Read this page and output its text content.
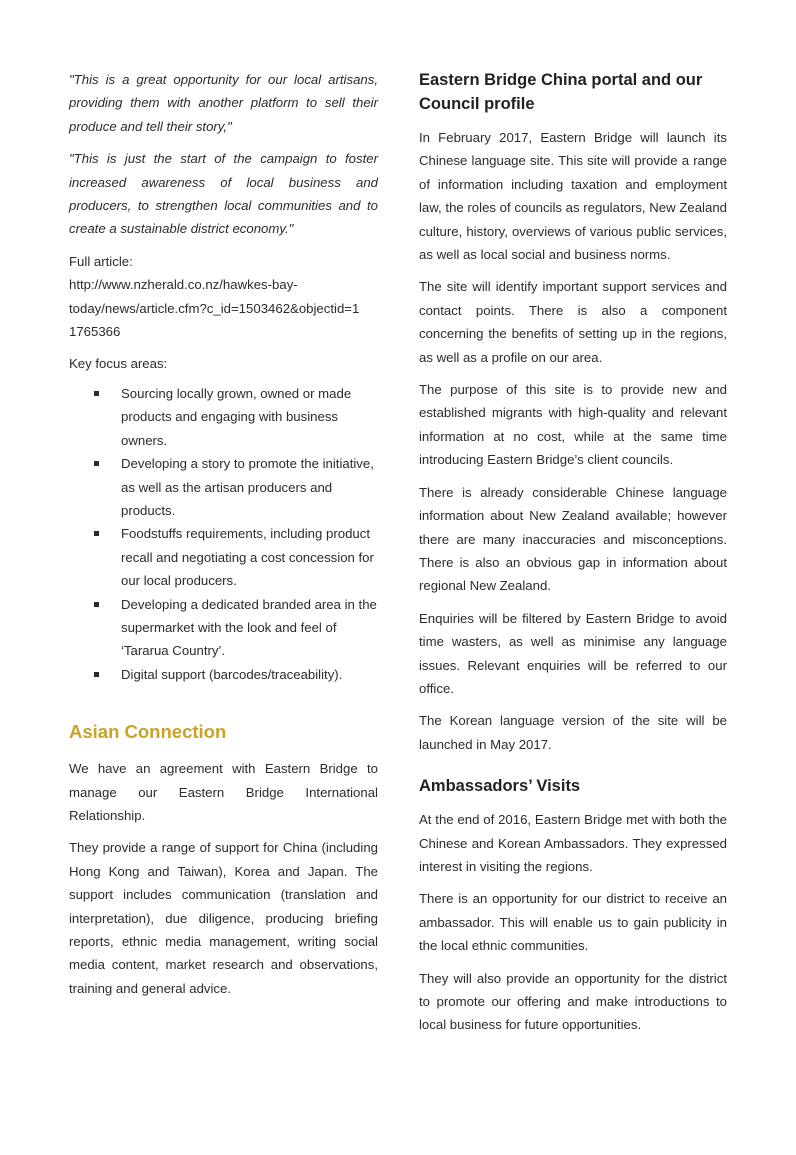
"This is a great opportunity for our local artisans, providing them with another platform to sell their produce and tell their story,"

"This is just the start of the campaign to foster increased awareness of local business and producers, to strengthen local communities and to create a sustainable district economy."

Full article:
http://www.nzherald.co.nz/hawkes-bay-
today/news/article.cfm?c_id=1503462&objectid=1
1765366

Key focus areas:

Sourcing locally grown, owned or made products and engaging with business owners.
Developing a story to promote the initiative, as well as the artisan producers and products.
Foodstuffs requirements, including product recall and negotiating a cost concession for our local producers.
Developing a dedicated branded area in the supermarket with the look and feel of ‘Tararua Country’.
Digital support (barcodes/traceability).
Asian Connection

We have an agreement with Eastern Bridge to manage our Eastern Bridge International Relationship.

They provide a range of support for China (including Hong Kong and Taiwan), Korea and Japan. The support includes communication (translation and interpretation), due diligence, producing briefing reports, ethnic media management, writing social media content, market research and observations, training and general advice.

Eastern Bridge China portal and our Council profile

In February 2017, Eastern Bridge will launch its Chinese language site. This site will provide a range of information including taxation and employment law, the roles of councils as regulators, New Zealand culture, history, overviews of various public services, as well as local social and business norms.

The site will identify important support services and contact points. There is also a component concerning the benefits of setting up in the regions, as well as a profile on our area.

The purpose of this site is to provide new and established migrants with high-quality and relevant information at no cost, while at the same time introducing Eastern Bridge’s client councils.

There is already considerable Chinese language information about New Zealand available; however there are many inaccuracies and misconceptions. There is also an obvious gap in information about regional New Zealand.

Enquiries will be filtered by Eastern Bridge to avoid time wasters, as well as minimise any language issues. Relevant enquiries will be referred to our office.

The Korean language version of the site will be launched in May 2017.

Ambassadors’ Visits

At the end of 2016, Eastern Bridge met with both the Chinese and Korean Ambassadors. They expressed interest in visiting the regions.

There is an opportunity for our district to receive an ambassador. This will enable us to gain publicity in the local ethnic communities.

They will also provide an opportunity for the district to promote our offering and make introductions to local business for future opportunities.
